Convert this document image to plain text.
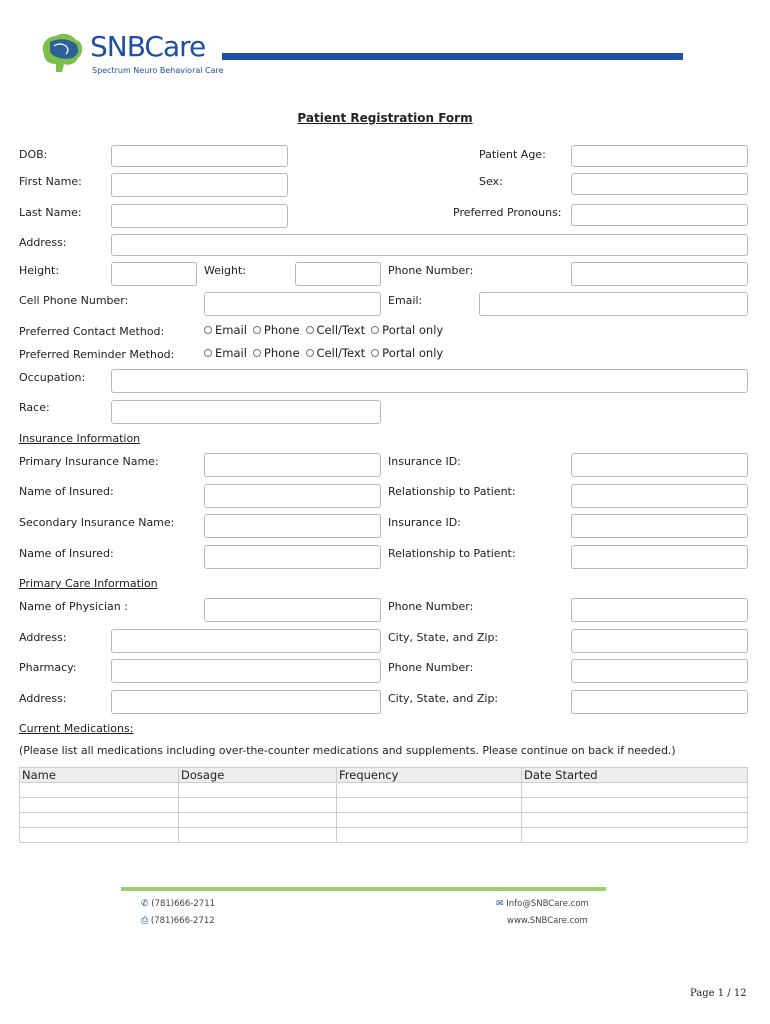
SNBCare
Spectrum Neuro Behavioral Care
Patient Registration Form
DOB:	Patient Age:
First Name:	Sex:
Last Name:	Preferred Pronouns:
Address:
Height:	Weight:	Phone Number:
Cell Phone Number:	Email:
Preferred Contact Method:	Email Phone Cell/Text Portal only
Preferred Reminder Method:	Email Phone Cell/Text Portal only
Occupation:
Race:
Insurance Information
Primary Insurance Name:	Insurance ID:
Name of Insured:	Relationship to Patient:
Secondary Insurance Name:	Insurance ID:
Name of Insured:	Relationship to Patient:
Primary Care Information
Name of Physician :	Phone Number:
Address:	City, State, and Zip:
Pharmacy:	Phone Number:
Address:	City, State, and Zip:
Current Medications:
(Please list all medications including over-the-counter medications and supplements. Please continue on back if needed.)
Name	Dosage	Frequency	Date Started

✆ (781)666-2711
⎙ (781)666-2712
✉ Info@SNBCare.com
www.SNBCare.com
Page 1 / 12
